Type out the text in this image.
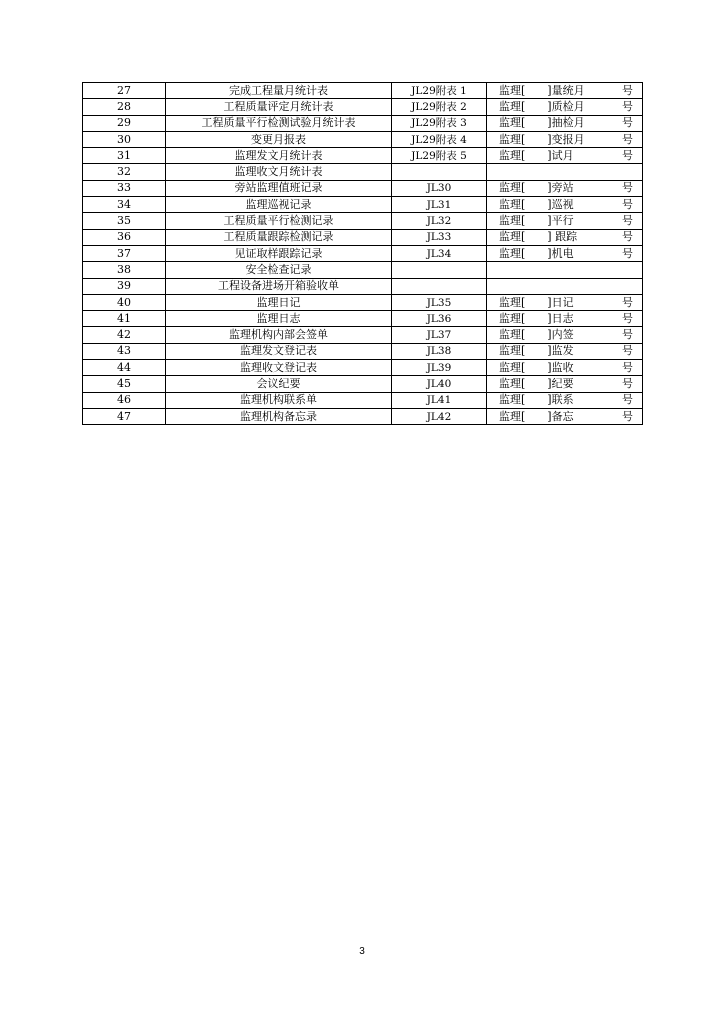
27	完成工程量月统计表	JL29附表 1	监理[　　]量统月 号

28	工程质量评定月统计表	JL29附表 2	监理[　　]质检月 号

29	工程质量平行检测试验月统计表	JL29附表 3	监理[　　]抽检月 号

30	变更月报表	JL29附表 4	监理[　　]变报月 号

31	监理发文月统计表	JL29附表 5	监理[　　]试月 号

32	监理收文月统计表		

33	旁站监理值班记录	JL30	监理[　　]旁站 号

34	监理巡视记录	JL31	监理[　　]巡视 号

35	工程质量平行检测记录	JL32	监理[　　]平行 号

36	工程质量跟踪检测记录	JL33	监理[　　] 跟踪 号

37	见证取样跟踪记录	JL34	监理[　　]机电 号

38	安全检查记录		

39	工程设备进场开箱验收单		

40	监理日记	JL35	监理[　　]日记 号

41	监理日志	JL36	监理[　　]日志 号

42	监理机构内部会签单	JL37	监理[　　]内签 号

43	监理发文登记表	JL38	监理[　　]监发 号

44	监理收文登记表	JL39	监理[　　]监收 号

45	会议纪要	JL40	监理[　　]纪要 号

46	监理机构联系单	JL41	监理[　　]联系 号

47	监理机构备忘录	JL42	监理[　　]备忘 号
3
